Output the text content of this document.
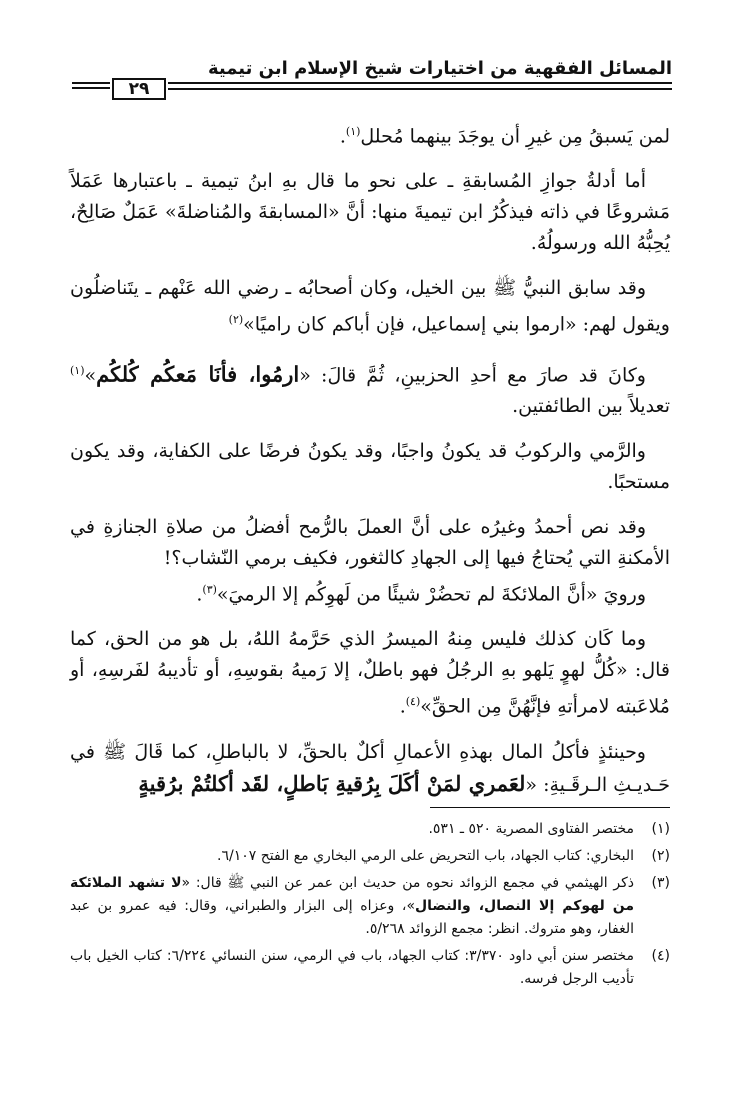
المسائل الفقهية من اختيارات شيخ الإسلام ابن تيمية
٢٩

لمن يَسبقُ مِن غيرِ أن يوجَدَ بينهما مُحلل$^{(١)}$.

أما أدلةُ جوازِ المُسابقةِ ـ على نحو ما قال بهِ ابنُ تيمية ـ باعتبارها عَمَلاً مَشروعًا في ذاته فيذكُرُ ابن تيميةَ منها: أنَّ «المسابقةَ والمُناضلةَ» عَمَلٌ صَالِحٌ، يُحِبُّهُ الله ورسولُهُ.

وقد سابق النبيُّ ﷺ بين الخيل، وكان أصحابُه ـ رضي الله عَنْهم ـ يتَناضلُون ويقول لهم: «ارموا بني إسماعيل، فإن أباكم كان راميًا»$^{(٢)}$

وكانَ قد صارَ مع أحدِ الحزبينِ، ثُمَّ قالَ: «ارمُوا، فأنَا مَعكُم كُلكُم»$^{(١)}$ تعديلاً بين الطائفتين.

والرَّمي والركوبُ قد يكونُ واجبًا، وقد يكونُ فرضًا على الكفاية، وقد يكون مستحبًا.

وقد نص أحمدُ وغيرُه على أنَّ العملَ بالرُّمح أفضلُ من صلاةِ الجنازةِ في الأمكنةِ التي يُحتاجُ فيها إلى الجهادِ كالثغور، فكيف برمي النّشاب؟!

ورويَ «أنَّ الملائكةَ لم تحضُرْ شيئًا من لَهوِكُم إلا الرميَ»$^{(٣)}$.

وما كَان كذلك فليس مِنهُ الميسرُ الذي حَرَّمهُ اللهُ، بل هو من الحق، كما قال: «كُلُّ لهوٍ يَلهو بهِ الرجُلُ فهو باطلٌ، إلا رَميهُ بقوسِهِ، أو تأديبهُ لفَرسِهِ، أو مُلاعَبته لامرأتهِ فإنَّهُنَّ مِن الحقِّ»$^{(٤)}$.

وحينئذٍ فأكلُ المال بهذهِ الأعمالِ أكلٌ بالحقِّ، لا بالباطلِ، كما قَالَ ﷺ في حَـديـثِ الـرقَـيةِ: «لعَمري لمَنْ أكَلَ بِرُقيةِ بَاطلٍ، لقَد أكلتُمْ برُقيةٍ

(١)
مختصر الفتاوى المصرية ٥٢٠ ـ ٥٣١.
(٢)
البخاري: كتاب الجهاد، باب التحريض على الرمي البخاري مع الفتح ٦/١٠٧.
(٣)
ذكر الهيثمي في مجمع الزوائد نحوه من حديث ابن عمر عن النبي ﷺ قال: «لا تشهد الملائكة من لهوكم إلا النصال، والنضال»، وعزاه إلى البزار والطبراني، وقال: فيه عمرو بن عبد الغفار، وهو متروك. انظر: مجمع الزوائد ٥/٢٦٨.
(٤)
مختصر سنن أبي داود ٣/٣٧٠: كتاب الجهاد، باب في الرمي، سنن النسائي ٦/٢٢٤: كتاب الخيل باب تأديب الرجل فرسه.
